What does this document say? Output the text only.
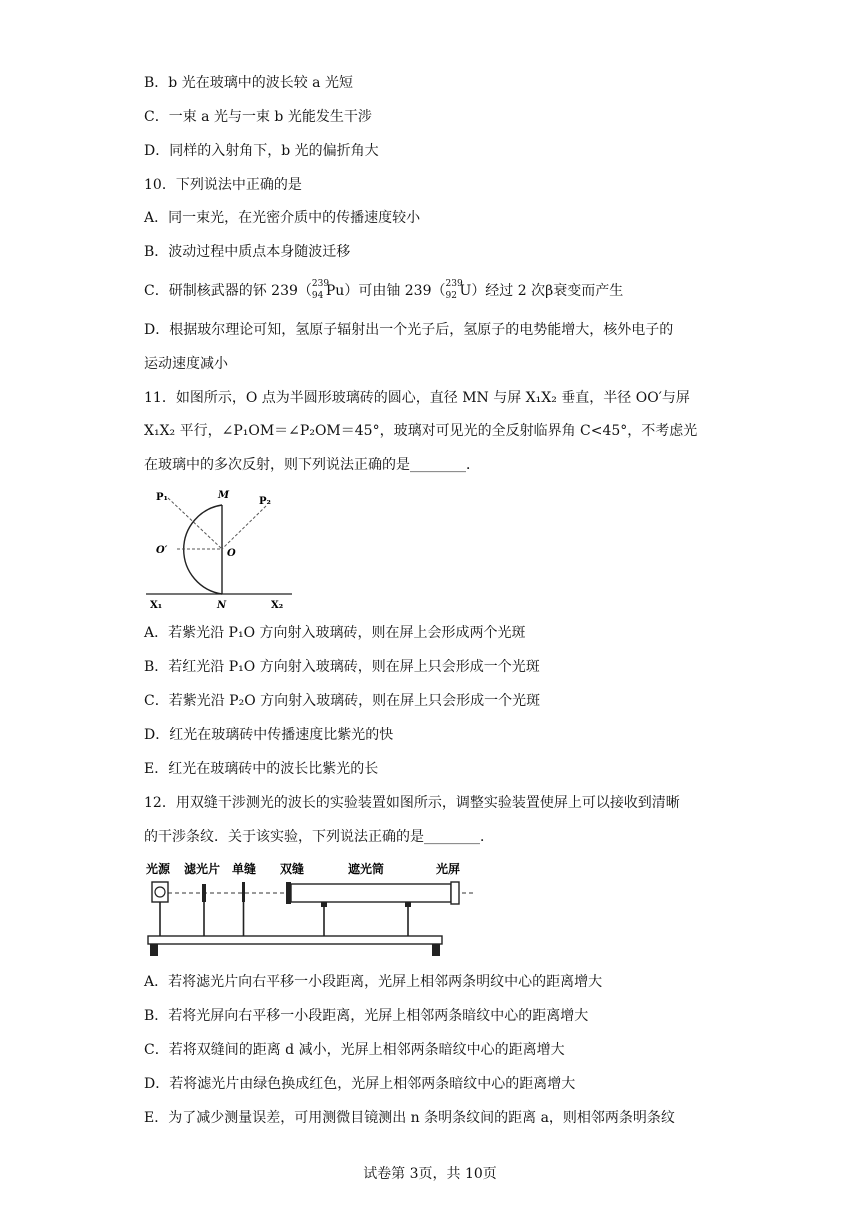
B．b 光在玻璃中的波长较 a 光短
C．一束 a 光与一束 b 光能发生干涉
D．同样的入射角下，b 光的偏折角大
10．下列说法中正确的是
A．同一束光，在光密介质中的传播速度较小
B．波动过程中质点本身随波迁移
C．研制核武器的钚 239（ 239
94 Pu）可由铀 239（ 239
92 U）经过 2 次β衰变而产生
D．根据玻尔理论可知，氢原子辐射出一个光子后，氢原子的电势能增大，核外电子的
运动速度减小
11．如图所示，O 点为半圆形玻璃砖的圆心，直径 MN 与屏 X₁X₂ 垂直，半径 OO′与屏
X₁X₂ 平行，∠P₁OM＝∠P₂OM＝45°，玻璃对可见光的全反射临界角 C<45°，不考虑光
在玻璃中的多次反射，则下列说法正确的是________．
P₁	M
P₂
O′	O
X₁	N	X₂
A．若紫光沿 P₁O 方向射入玻璃砖，则在屏上会形成两个光斑
B．若红光沿 P₁O 方向射入玻璃砖，则在屏上只会形成一个光斑
C．若紫光沿 P₂O 方向射入玻璃砖，则在屏上只会形成一个光斑
D．红光在玻璃砖中传播速度比紫光的快
E．红光在玻璃砖中的波长比紫光的长
12．用双缝干涉测光的波长的实验装置如图所示，调整实验装置使屏上可以接收到清晰
的干涉条纹．关于该实验，下列说法正确的是________．
光源 滤光片 单缝 双缝	遮光筒	光屏
A．若将滤光片向右平移一小段距离，光屏上相邻两条明纹中心的距离增大
B．若将光屏向右平移一小段距离，光屏上相邻两条暗纹中心的距离增大
C．若将双缝间的距离 d 减小，光屏上相邻两条暗纹中心的距离增大
D．若将滤光片由绿色换成红色，光屏上相邻两条暗纹中心的距离增大
E．为了减少测量误差，可用测微目镜测出 n 条明条纹间的距离 a，则相邻两条明条纹
试卷第 3页，共 10页
